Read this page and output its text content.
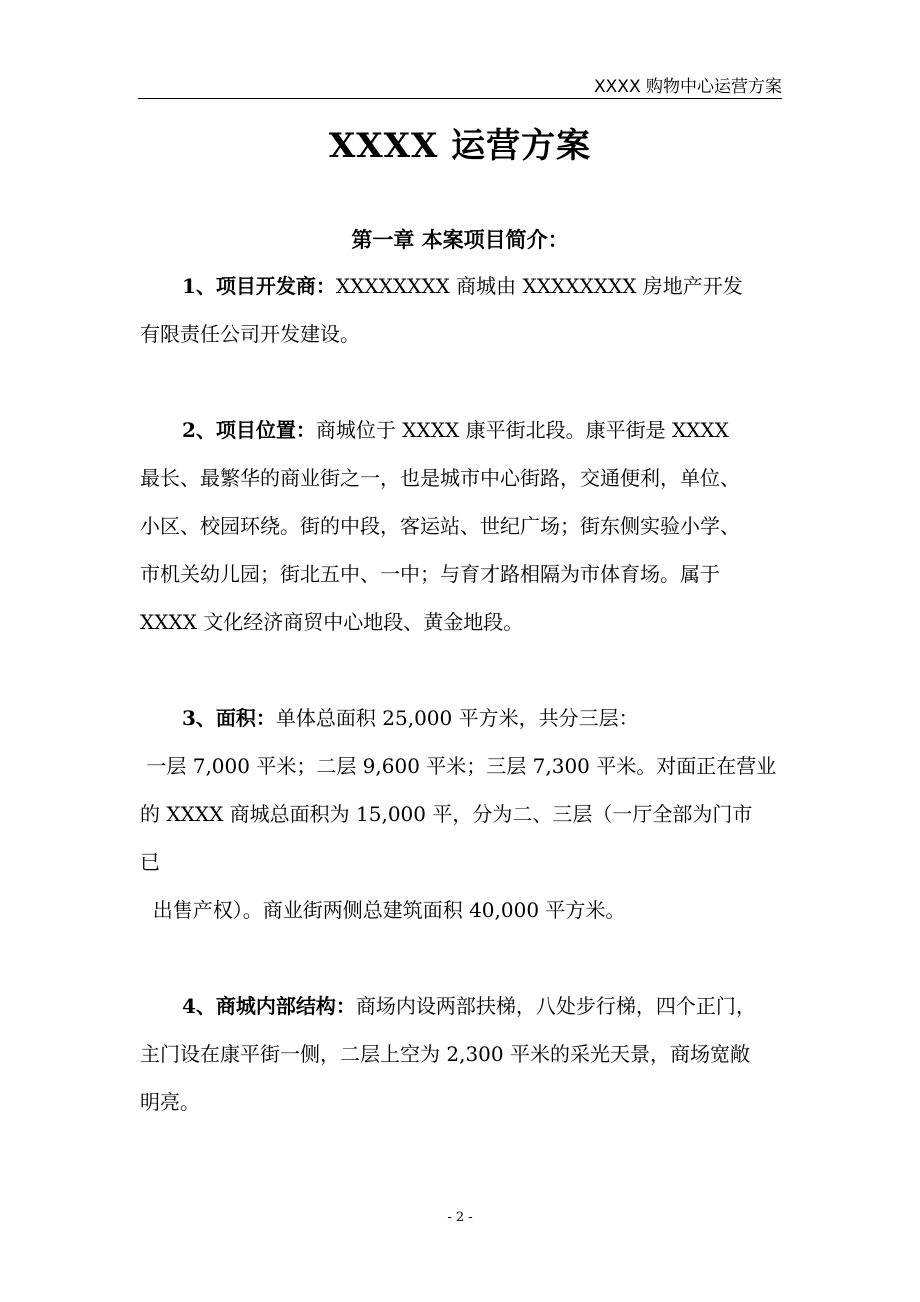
XXXX 购物中心运营方案
XXXX 运营方案
第一章 本案项目简介：
1、项目开发商：XXXXXXXX 商城由 XXXXXXXX 房地产开发
有限责任公司开发建设。
2、项目位置：商城位于 XXXX 康平街北段。康平街是 XXXX
最长、最繁华的商业街之一，也是城市中心街路，交通便利，单位、
小区、校园环绕。街的中段，客运站、世纪广场；街东侧实验小学、
市机关幼儿园；街北五中、一中；与育才路相隔为市体育场。属于
XXXX 文化经济商贸中心地段、黄金地段。
3、面积：单体总面积 25,000 平方米，共分三层：
一层 7,000 平米；二层 9,600 平米；三层 7,300 平米。对面正在营业
的 XXXX 商城总面积为 15,000 平，分为二、三层（一厅全部为门市
已
出售产权）。商业街两侧总建筑面积 40,000 平方米。
4、商城内部结构：商场内设两部扶梯，八处步行梯，四个正门，
主门设在康平街一侧，二层上空为 2,300 平米的采光天景，商场宽敞
明亮。
- 2 -
